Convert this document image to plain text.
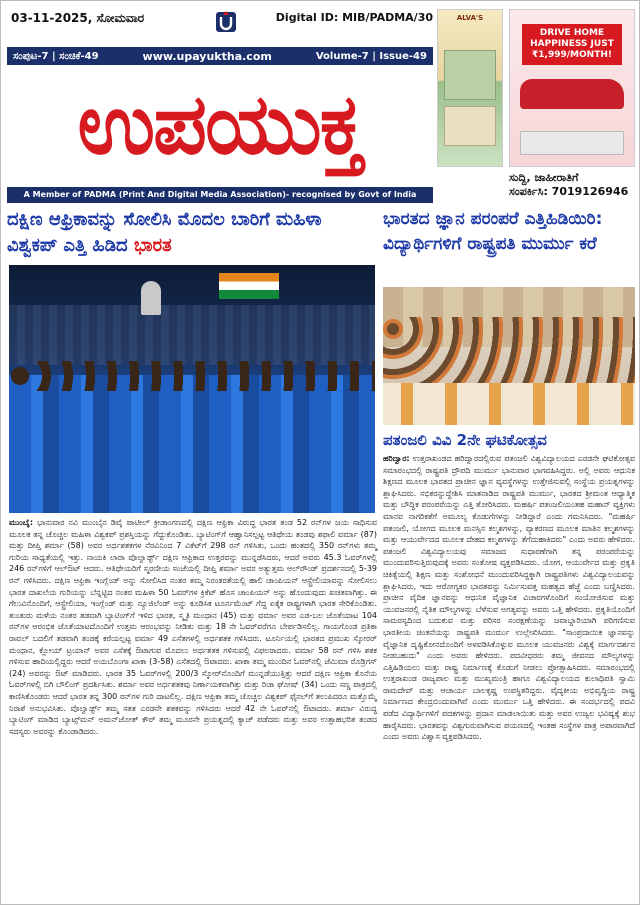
03-11-2025, ಸೋಮವಾರ	Digital ID: MIB/PADMA/30
ಸಂಪುಟ-7 | ಸಂಚಿಕೆ-49	www.upayuktha.com	Volume-7 | Issue-49
ಉಪಯುಕ್ತ
A Member of PADMA (Print And Digital Media Association)- recognised by Govt of India
ALVA'S
DRIVE HOME HAPPINESS JUST ₹1,999/MONTH!
ಸುದ್ದಿ, ಜಾಹೀರಾತಿಗೆ
ಸಂಪರ್ಕಿಸಿ: 7019126946
ದಕ್ಷಿಣ ಆಫ್ರಿಕಾವನ್ನು ಸೋಲಿಸಿ ಮೊದಲ ಬಾರಿಗೆ ಮಹಿಳಾ ವಿಶ್ವಕಪ್ ಎತ್ತಿ ಹಿಡಿದ ಭಾರತ
ಮುಂಬೈ: ಭಾನುವಾರ ನವಿ ಮುಂಬೈನ ಡಿವೈ ಪಾಟೀಲ್ ಕ್ರೀಡಾಂಗಣದಲ್ಲಿ ದಕ್ಷಿಣ ಆಫ್ರಿಕಾ ವಿರುದ್ಧ ಭಾರತ ತಂಡ 52 ರನ್‌ಗಳ ಜಯ ಸಾಧಿಸುವ ಮೂಲಕ ತನ್ನ ಚೊಚ್ಚಲ ಮಹಿಳಾ ವಿಶ್ವಕಪ್ ಪ್ರಶಸ್ತಿಯನ್ನು ಗೆದ್ದುಕೊಂಡಿತು. ಬ್ಯಾಟಿಂಗ್‌ಗೆ ಆಹ್ವಾನಿಸಲ್ಪಟ್ಟ ಆತಿಥೇಯ ತಂಡವು ಶಫಾಲಿ ವರ್ಮಾ (87) ಮತ್ತು ದೀಪ್ತಿ ಶರ್ಮಾ (58) ಅವರ ಅರ್ಧಶತಕಗಳ ನೆರವಿನಿಂದ 7 ವಿಕೆಟ್‌ಗೆ 298 ರನ್ ಗಳಿಸಿತು, ಒಂದು ಹಂತದಲ್ಲಿ 350 ರನ್‌ಗಳು ತಮ್ಮ ಗುರಿಯ ಸಾಧ್ಯತೆಯಲ್ಲಿ ಇತ್ತು. ನಾಯಕಿ ಲಾರಾ ವೊಲ್ವಾರ್ಡ್ಟ್ ದಕ್ಷಿಣ ಆಫ್ರಿಕಾದ ಉತ್ತರವನ್ನು ಮುನ್ನಡೆಸಿದರು, ಆದರೆ ಅವರು 45.3 ಓವರ್‌ಗಳಲ್ಲಿ 246 ರನ್‌ಗಳಿಗೆ ಆಲ್‌ಔಟ್ ಆದರು. ಆತಿಥೇಯರಿಗೆ ಸ್ಮರಣೀಯ ಸಂಜೆಯಲ್ಲಿ ದೀಪ್ತಿ ಶರ್ಮಾ ಅವರ ಅತ್ಯುತ್ತಮ ಆಲ್‌ರೌಂಡ್ ಪ್ರದರ್ಶನದಲ್ಲಿ 5-39 ರನ್ ಗಳಿಸಿದರು. ದಕ್ಷಿಣ ಆಫ್ರಿಕಾ ಇಂಗ್ಲೆಂಡ್ ಅನ್ನು ಸೋಲಿಸಿದ ನಂತರ ತಮ್ಮ ನಿರಂತರತೆಯಲ್ಲಿ ಹಾಲಿ ಚಾಂಪಿಯನ್ ಆಸ್ಟ್ರೇಲಿಯಾವನ್ನು ಸೋಲಿಸಲು ಭಾರತ ದಾಖಲೆಯ ಗುರಿಯನ್ನು ಬೆನ್ನಟ್ಟಿದ ನಂತರ ಮಹಿಳಾ 50 ಓವರ್‌ಗಳ ಕ್ರಿಕೆಟ್ ಹೊಸ ಚಾಂಪಿಯನ್ ಅನ್ನು ಹೊಂದುವುದು ಖಚಿತವಾಗಿತ್ತು. ಈ ಗೆಲುವಿನೊಂದಿಗೆ, ಆಸ್ಟ್ರೇಲಿಯಾ, ಇಂಗ್ಲೆಂಡ್ ಮತ್ತು ನ್ಯೂಜಿಲೆಂಡ್ ಅನ್ನು ಕೂಡಿಸಿಕ ಟೂರ್ನಮೆಂಟ್ ಗೆದ್ದ ಏಕೈಕ ರಾಷ್ಟ್ರಗಳಾಗಿ ಭಾರತ ಸೇರಿಕೊಂಡಿತು. ತುಂತುರು ಮಳೆಯ ನಂತರ ತಡವಾಗಿ ಬ್ಯಾಟಿಂಗ್‌ಗೆ ಇಳಿದ ಭಾರತ, ಸ್ಮೃತಿ ಮಂಧಾನ (45) ಮತ್ತು ವರ್ಮಾ ಅವರ ಎಡ-ಬಲ ಜೊತೆಯಾಟ 104 ರನ್‌ಗಳ ಆರಂಭಿಕ ಜೊತೆಯಾಟದೊಂದಿಗೆ ಉತ್ತಮ ಆರಂಭವನ್ನು ನೀಡಿತು ಮತ್ತು 18 ನೇ ಓವರ್‌ವರೆಗೂ ಬೇರ್ಪಡಿಸಲಿಲ್ಲ. ಗಾಯಗೊಂಡ ಪ್ರತಿಕಾ ರಾವಲ್ ಬದಲಿಗೆ ತಡವಾಗಿ ತಂಡಕ್ಕೆ ಕರೆಯಲ್ಪಟ್ಟ ವರ್ಮಾ 49 ಎಸೆತಗಳಲ್ಲಿ ಅರ್ಧಶತಕ ಗಳಿಸಿದರು. ಟೂರ್ನಿಯಲ್ಲಿ ಭಾರತದ ಪ್ರಮುಖ ಸ್ಕೋರರ್ ಮಂಧಾನ, ಕ್ಲೋಯ್ ಟ್ರಯಾನ್ ಅವರ ಎಸೆತಕ್ಕೆ ಔಟಾಗುವ ಮೊದಲು ಅರ್ಧಶತಕ ಗಳಿಸುವಲ್ಲಿ ವಿಫಲರಾದರು. ವರ್ಮಾ 58 ರನ್ ಗಳಿಸಿ ಶತಕ ಗಳಿಸುವ ಹಾದಿಯಲ್ಲಿದ್ದರು ಆದರೆ ಅಯಬೊಂಗಾ ಖಾಕಾ (3-58) ಎಸೆತದಲ್ಲಿ ಔಟಾದರು. ಖಾಕಾ ತಮ್ಮ ಮುಂದಿನ ಓವರ್‌ನಲ್ಲಿ ಜೆಮಿಮಾ ರೊಡ್ರಿಗಸ್ (24) ಅವರನ್ನು ಔಟ್ ಮಾಡಿದರು. ಭಾರತ 35 ಓವರ್‌ಗಳಲ್ಲಿ 200/3 ಸ್ಕೋರ್‌ನೊಂದಿಗೆ ಮುನ್ನಡೆಯುತ್ತಿತ್ತು ಆದರೆ ದಕ್ಷಿಣ ಆಫ್ರಿಕಾ ಕೊನೆಯ ಓವರ್‌ಗಳಲ್ಲಿ ಬಿಗಿ ಬೌಲಿಂಗ್ ಪ್ರದರ್ಶಿಸಿತು. ಶರ್ಮಾ ಅವರ ಅರ್ಧಶತಕವು ನಿರ್ಣಾಯಕವಾಗಿತ್ತು ಮತ್ತು ರಿಚಾ ಘೋಷ್ (34) ಒಂದು ಸಣ್ಣ ಪಾತ್ರದಲ್ಲಿ ಕಾಣಿಸಿಕೊಂಡರು ಆದರೆ ಭಾರತ ತನ್ನ 300 ರನ್‌ಗಳ ಗುರಿ ದಾಟಲಿಲ್ಲ. ದಕ್ಷಿಣ ಆಫ್ರಿಕಾ ತಮ್ಮ ಚೊಚ್ಚಲ ವಿಶ್ವಕಪ್ ಫೈನಲ್‌ಗೆ ತಲುಪಿದರೂ ಮತ್ತೊಮ್ಮೆ ನಿರಾಶೆ ಅನುಭವಿಸಿತು. ವೊಲ್ವಾರ್ಡ್ಟ್ ತಮ್ಮ ಸತತ ಎರಡನೇ ಶತಕವನ್ನು ಗಳಿಸಿದರು ಆದರೆ 42 ನೇ ಓವರ್‌ನಲ್ಲಿ ಔಟಾದರು. ಶರ್ಮಾ ವಿರುದ್ಧ ಬ್ಯಾಟಿಂಗ್ ಮಾಡಿದ ಬ್ಯಾಟ್ಸ್‌ಮನ್ ಅಮನ್‌ಜೋತ್ ಕೌರ್ ತಮ್ಮ ಮೂರನೇ ಪ್ರಯತ್ನದಲ್ಲಿ ಕ್ಯಾಚ್ ಪಡೆದರು ಮತ್ತು ಅವರ ಉತ್ಸಾಹಭರಿತ ತಂಡದ ಸದಸ್ಯರು ಅವರನ್ನು ಕೊಂಡಾಡಿದರು.
ಭಾರತದ ಜ್ಞಾನ ಪರಂಪರೆ ಎತ್ತಿಹಿಡಿಯಿರಿ: ವಿದ್ಯಾರ್ಥಿಗಳಿಗೆ ರಾಷ್ಟ್ರಪತಿ ಮುರ್ಮು ಕರೆ
ಪತಂಜಲಿ ವಿವಿ 2ನೇ ಘಟಿಕೋತ್ಸವ
ಹರಿದ್ವಾರ: ಉತ್ತರಾಖಂಡದ ಹರಿದ್ವಾರದಲ್ಲಿರುವ ಪತಂಜಲಿ ವಿಶ್ವವಿದ್ಯಾಲಯದ ಎರಡನೇ ಘಟಿಕೋತ್ಸವ ಸಮಾರಂಭದಲ್ಲಿ ರಾಷ್ಟ್ರಪತಿ ದ್ರೌಪದಿ ಮುರ್ಮು ಭಾನುವಾರ ಭಾಗವಹಿಸಿದ್ದರು. ಅಲ್ಲಿ ಅವರು ಆಧುನಿಕ ಶಿಕ್ಷಣದ ಮೂಲಕ ಭಾರತದ ಪ್ರಾಚೀನ ಜ್ಞಾನ ವ್ಯವಸ್ಥೆಗಳನ್ನು ಉತ್ತೇಜಿಸುವಲ್ಲಿ ಸಂಸ್ಥೆಯ ಪ್ರಯತ್ನಗಳನ್ನು ಶ್ಲಾಘಿಸಿದರು. ಸಭಿಕರನ್ನುದ್ದೇಶಿಸಿ ಮಾತನಾಡಿದ ರಾಷ್ಟ್ರಪತಿ ಮುರ್ಮು, ಭಾರತದ ಶ್ರೀಮಂತ ಆಧ್ಯಾತ್ಮಿಕ ಮತ್ತು ಬೌದ್ಧಿಕ ಪರಂಪರೆಯನ್ನು ಎತ್ತಿ ತೋರಿಸಿದರು. ಮಹರ್ಷಿ ಪತಂಜಲಿಯಂತಹ ಮಹಾನ್ ವ್ಯಕ್ತಿಗಳು ಮಾನವ ನಾಗರಿಕತೆಗೆ ಅಮೂಲ್ಯ ಕೊಡುಗೆಗಳನ್ನು ನೀಡಿದ್ದಾರೆ ಎಂದು ಗಮನಿಸಿದರು. "ಮಹರ್ಷಿ ಪತಂಜಲಿ, ಯೋಗದ ಮೂಲಕ ಮನಸ್ಸಿನ ಕಲ್ಮಶಗಳನ್ನು, ವ್ಯಾಕರಣದ ಮೂಲಕ ಮಾತಿನ ಕಲ್ಮಶಗಳನ್ನು ಮತ್ತು ಆಯುರ್ವೇದದ ಮೂಲಕ ದೇಹದ ಕಲ್ಮಶಗಳನ್ನು ತೆಗೆದುಹಾಕಿದರು" ಎಂದು ಅವರು ಹೇಳಿದರು. ಪತಂಜಲಿ ವಿಶ್ವವಿದ್ಯಾಲಯವು ಸಮಾಜದ ಸುಧಾರಣೆಗಾಗಿ ತನ್ನ ಪರಂಪರೆಯನ್ನು ಮುಂದುವರಿಸುತ್ತಿರುವುದಕ್ಕೆ ಅವರು ಸಂತೋಷ ವ್ಯಕ್ತಪಡಿಸಿದರು. ಯೋಗ, ಆಯುರ್ವೇದ ಮತ್ತು ಪ್ರಕೃತಿ ಚಿಕಿತ್ಸೆಯಲ್ಲಿ ಶಿಕ್ಷಣ ಮತ್ತು ಸಂಶೋಧನೆ ಮುಂದುವರಿಸಿದ್ದಕ್ಕಾಗಿ ರಾಷ್ಟ್ರಪತಿಗಳು ವಿಶ್ವವಿದ್ಯಾಲಯವನ್ನು ಶ್ಲಾಘಿಸಿದರು, ಇದು ಆರೋಗ್ಯಕರ ಭಾರತವನ್ನು ನಿರ್ಮಿಸುವತ್ತ ಮಹತ್ವದ ಹೆಜ್ಜೆ ಎಂದು ಬಣ್ಣಿಸಿದರು. ಪ್ರಾಚೀನ ವೈದಿಕ ಜ್ಞಾನವನ್ನು ಆಧುನಿಕ ವೈಜ್ಞಾನಿಕ ವಿಚಾರಗಳೊಂದಿಗೆ ಸಂಯೋಜಿಸುವ ಮತ್ತು ಯುವಜನರಲ್ಲಿ ನೈತಿಕ ಮೌಲ್ಯಗಳನ್ನು ಬೆಳೆಸುವ ಅಗತ್ಯವನ್ನು ಅವರು ಒತ್ತಿ ಹೇಳಿದರು. ಪ್ರಕೃತಿಯೊಂದಿಗೆ ಸಾಮರಸ್ಯದಿಂದ ಬದುಕುವ ಮತ್ತು ಪರಿಸರ ಸಂರಕ್ಷಣೆಯನ್ನು ಜವಾಬ್ದಾರಿಯಾಗಿ ಪರಿಗಣಿಸುವ ಭಾರತೀಯ ಚಿಂತನೆಯನ್ನು ರಾಷ್ಟ್ರಪತಿ ಮುರ್ಮು ಉಲ್ಲೇಖಿಸಿದರು. "ಸಾಂಪ್ರದಾಯಿಕ ಜ್ಞಾನವನ್ನು ವೈಜ್ಞಾನಿಕ ದೃಷ್ಟಿಕೋನದೊಂದಿಗೆ ಅಳವಡಿಸಿಕೊಳ್ಳುವ ಮೂಲಕ ಯುವಜನರು ವಿಶ್ವಕ್ಕೆ ಮಾರ್ಗದರ್ಶನ ನೀಡಬಹುದು" ಎಂದು ಅವರು ಹೇಳಿದರು. ಪದವೀಧರರು ತಮ್ಮ ಜೀವನದ ಮೌಲ್ಯಗಳನ್ನು ಎತ್ತಿಹಿಡಿಯಲು ಮತ್ತು ರಾಷ್ಟ್ರ ನಿರ್ಮಾಣಕ್ಕೆ ಕೊಡುಗೆ ನೀಡಲು ಪ್ರೋತ್ಸಾಹಿಸಿದರು. ಸಮಾರಂಭದಲ್ಲಿ ಉತ್ತರಾಖಂಡ ರಾಜ್ಯಪಾಲ ಮತ್ತು ಮುಖ್ಯಮಂತ್ರಿ ಹಾಗೂ ವಿಶ್ವವಿದ್ಯಾಲಯದ ಕುಲಾಧಿಪತಿ ಸ್ವಾಮಿ ರಾಮದೇವ್ ಮತ್ತು ಆಚಾರ್ಯ ಬಾಲಕೃಷ್ಣ ಉಪಸ್ಥಿತರಿದ್ದರು. ವೈದ್ಯಕೀಯ ಅಭಿವೃದ್ಧಿಯ ರಾಷ್ಟ್ರ ನಿರ್ಮಾಣದ ಕೇಂದ್ರಬಿಂದುವಾಗಿವೆ ಎಂದು ಮುರ್ಮು ಒತ್ತಿ ಹೇಳಿದರು. ಈ ಸಂದರ್ಭದಲ್ಲಿ ಪದವಿ ಪಡೆದ ವಿದ್ಯಾರ್ಥಿಗಳಿಗೆ ಪದಕಗಳನ್ನು ಪ್ರದಾನ ಮಾಡಲಾಯಿತು ಮತ್ತು ಅವರ ಉಜ್ವಲ ಭವಿಷ್ಯಕ್ಕೆ ಶುಭ ಹಾರೈಸಿದರು. ಭಾರತವನ್ನು ವಿಶ್ವಗುರುವಾಗಿಸುವ ಪಯಣದಲ್ಲಿ ಇಂತಹ ಸಂಸ್ಥೆಗಳ ಪಾತ್ರ ಅಪಾರವಾಗಿದೆ ಎಂದು ಅವರು ವಿಶ್ವಾಸ ವ್ಯಕ್ತಪಡಿಸಿದರು.
